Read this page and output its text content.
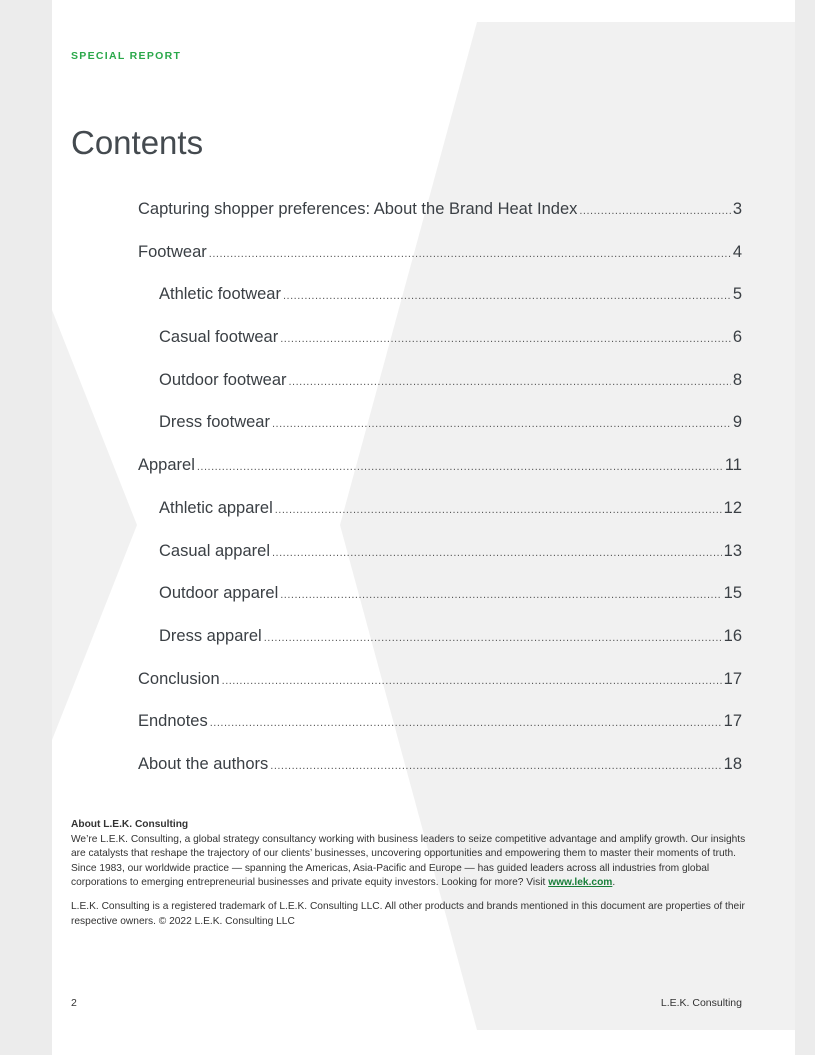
SPECIAL REPORT
Contents
Capturing shopper preferences: About the Brand Heat Index .....	3
Footwear .....	4
Athletic footwear .....	5
Casual footwear .....	6
Outdoor footwear .....	8
Dress footwear .....	9
Apparel .....	11
Athletic apparel .....	12
Casual apparel .....	13
Outdoor apparel .....	15
Dress apparel .....	16
Conclusion .....	17
Endnotes .....	17
About the authors .....	18
About L.E.K. Consulting

We’re L.E.K. Consulting, a global strategy consultancy working with business leaders to seize competitive advantage and amplify growth. Our insights are catalysts that reshape the trajectory of our clients’ businesses, uncovering opportunities and empowering them to master their moments of truth. Since 1983, our worldwide practice — spanning the Americas, Asia-Pacific and Europe — has guided leaders across all industries from global corporations to emerging entrepreneurial businesses and private equity investors. Looking for more? Visit www.lek.com.

L.E.K. Consulting is a registered trademark of L.E.K. Consulting LLC. All other products and brands mentioned in this document are properties of their respective owners. © 2022 L.E.K. Consulting LLC

2	L.E.K. Consulting
